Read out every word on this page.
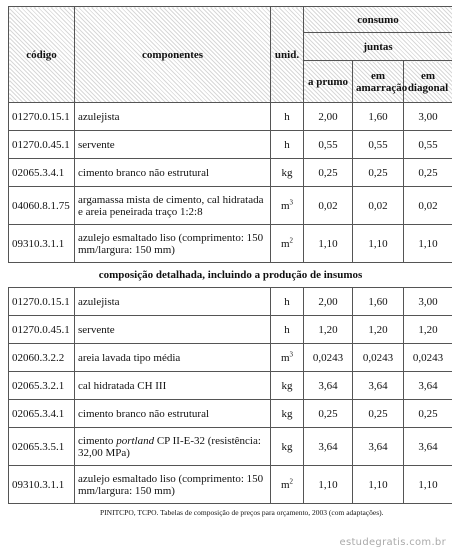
código	componentes	unid.	consumo		
			juntas		
			a prumo	em amarração	em diagonal
01270.0.15.1	azulejista	h	2,00	1,60	3,00
01270.0.45.1	servente	h	0,55	0,55	0,55
02065.3.4.1	cimento branco não estrutural	kg	0,25	0,25	0,25
04060.8.1.75	argamassa mista de cimento, cal hidratada e areia peneirada traço 1:2:8	$m^3$	0,02	0,02	0,02
09310.3.1.1	azulejo esmaltado liso (comprimento: 150 mm/largura: 150 mm)	$m^2$	1,10	1,10	1,10
composição detalhada, incluindo a produção de insumos					
01270.0.15.1	azulejista	h	2,00	1,60	3,00
01270.0.45.1	servente	h	1,20	1,20	1,20
02060.3.2.2	areia lavada tipo média	$m^3$	0,0243	0,0243	0,0243
02065.3.2.1	cal hidratada CH III	kg	3,64	3,64	3,64
02065.3.4.1	cimento branco não estrutural	kg	0,25	0,25	0,25
02065.3.5.1	cimento portland CP II-E-32 (resistência: 32,00 MPa)	kg	3,64	3,64	3,64
09310.3.1.1	azulejo esmaltado liso (comprimento: 150 mm/largura: 150 mm)	$m^2$	1,10	1,10	1,10
PINITCPO, TCPO. Tabelas de composição de preços para orçamento, 2003 (com adaptações).
estudegratis.com.br
